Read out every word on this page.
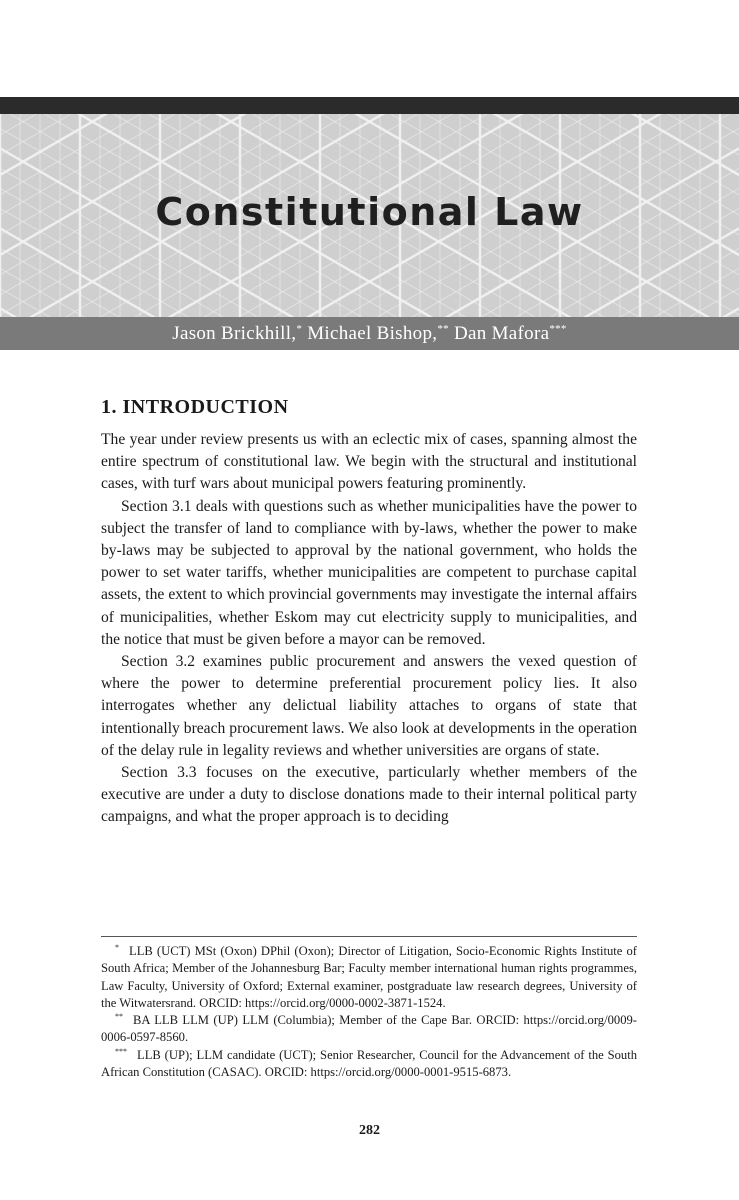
Constitutional Law
Jason Brickhill,* Michael Bishop,** Dan Mafora***
1. INTRODUCTION

The year under review presents us with an eclectic mix of cases, spanning almost the entire spectrum of constitutional law. We begin with the structural and institutional cases, with turf wars about municipal powers featuring prominently.

Section 3.1 deals with questions such as whether municipalities have the power to subject the transfer of land to compliance with by-laws, whether the power to make by-laws may be subjected to approval by the national government, who holds the power to set water tariffs, whether municipalities are competent to purchase capital assets, the extent to which provincial governments may investigate the internal affairs of municipalities, whether Eskom may cut electricity supply to municipalities, and the notice that must be given before a mayor can be removed.

Section 3.2 examines public procurement and answers the vexed question of where the power to determine preferential procurement policy lies. It also interrogates whether any delictual liability attaches to organs of state that intentionally breach procurement laws. We also look at developments in the operation of the delay rule in legality reviews and whether universities are organs of state.

Section 3.3 focuses on the executive, particularly whether members of the executive are under a duty to disclose donations made to their internal political party campaigns, and what the proper approach is to deciding

* LLB (UCT) MSt (Oxon) DPhil (Oxon); Director of Litigation, Socio-Economic Rights Institute of South Africa; Member of the Johannesburg Bar; Faculty member international human rights programmes, Law Faculty, University of Oxford; External examiner, postgraduate law research degrees, University of the Witwatersrand. ORCID: https://orcid.org/0000-0002-3871-1524.

** BA LLB LLM (UP) LLM (Columbia); Member of the Cape Bar. ORCID: https://orcid.org/0009-0006-0597-8560.

*** LLB (UP); LLM candidate (UCT); Senior Researcher, Council for the Advancement of the South African Constitution (CASAC). ORCID: https://orcid.org/0000-0001-9515-6873.

282
